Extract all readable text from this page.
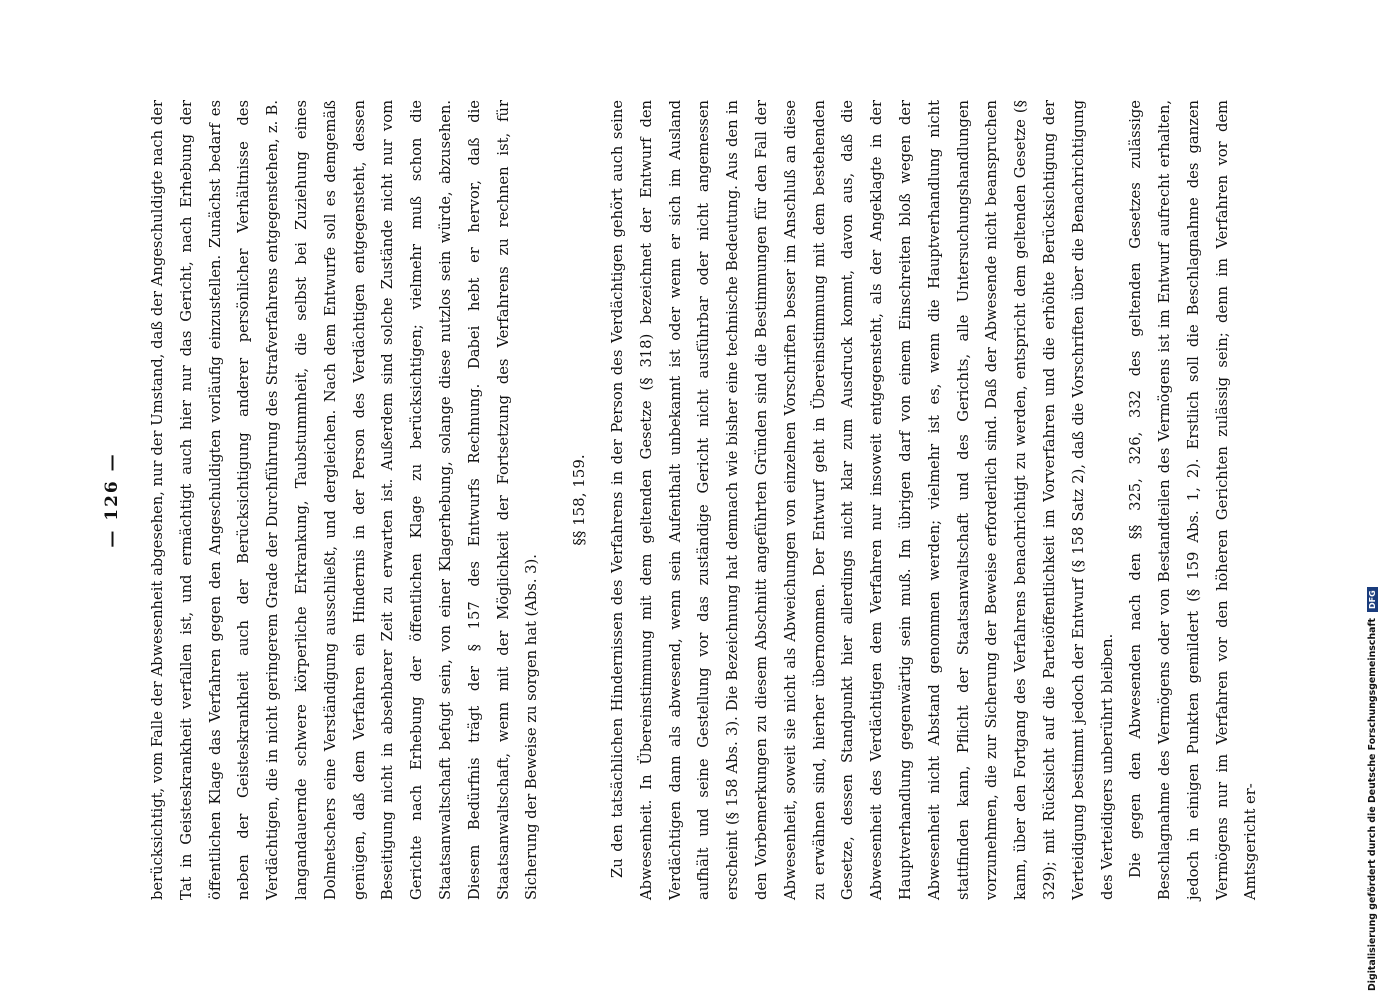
— 126 —	berücksichtigt, vom Falle der Abwesenheit abgesehen, nur der Umstand, daß der Angeschuldigte nach der Tat in Geisteskrankheit verfallen ist, und ermächtigt auch hier nur das Gericht, nach Erhebung der öffentlichen Klage das Verfahren gegen den Angeschuldigten vorläufig einzustellen. Zunächst bedarf es neben der Geisteskrankheit auch der Berücksichtigung anderer persönlicher Verhältnisse des Verdächtigen, die in nicht geringerem Grade der Durchführung des Strafverfahrens entgegenstehen, z. B. langandauernde schwere körperliche Erkrankung, Taubstummheit, die selbst bei Zuziehung eines Dolmetschers eine Verständigung ausschließt, und dergleichen. Nach dem Entwurfe soll es demgemäß genügen, daß dem Verfahren ein Hindernis in der Person des Verdächtigen entgegensteht, dessen Beseitigung nicht in absehbarer Zeit zu erwarten ist. Außerdem sind solche Zustände nicht nur vom Gerichte nach Erhebung der öffentlichen Klage zu berücksichtigen; vielmehr muß schon die Staatsanwaltschaft befugt sein, von einer Klagerhebung, solange diese nutzlos sein würde, abzusehen. Diesem Bedürfnis trägt der § 157 des Entwurfs Rechnung. Dabei hebt er hervor, daß die Staatsanwaltschaft, wenn mit der Möglichkeit der Fortsetzung des Verfahrens zu rechnen ist, für Sicherung der Beweise zu sorgen hat (Abs. 3).

§§ 158, 159.	Zu den tatsächlichen Hindernissen des Verfahrens in der Person des Verdächtigen gehört auch seine Abwesenheit. In Übereinstimmung mit dem geltenden Gesetze (§ 318) bezeichnet der Entwurf den Verdächtigen dann als abwesend, wenn sein Aufenthalt unbekannt ist oder wenn er sich im Ausland aufhält und seine Gestellung vor das zuständige Gericht nicht ausführbar oder nicht angemessen erscheint (§ 158 Abs. 3). Die Bezeichnung hat demnach wie bisher eine technische Bedeutung. Aus den in den Vorbemerkungen zu diesem Abschnitt angeführten Gründen sind die Bestimmungen für den Fall der Abwesenheit, soweit sie nicht als Abweichungen von einzelnen Vorschriften besser im Anschluß an diese zu erwähnen sind, hierher übernommen. Der Entwurf geht in Übereinstimmung mit dem bestehenden Gesetze, dessen Standpunkt hier allerdings nicht klar zum Ausdruck kommt, davon aus, daß die Abwesenheit des Verdächtigen dem Verfahren nur insoweit entgegensteht, als der Angeklagte in der Hauptverhandlung gegenwärtig sein muß. Im übrigen darf von einem Einschreiten bloß wegen der Abwesenheit nicht Abstand genommen werden; vielmehr ist es, wenn die Hauptverhandlung nicht stattfinden kann, Pflicht der Staatsanwaltschaft und des Gerichts, alle Untersuchungshandlungen vorzunehmen, die zur Sicherung der Beweise erforderlich sind. Daß der Abwesende nicht beanspruchen kann, über den Fortgang des Verfahrens benachrichtigt zu werden, entspricht dem geltenden Gesetze (§ 329); mit Rücksicht auf die Parteiöffentlichkeit im Vorverfahren und die erhöhte Berücksichtigung der Verteidigung bestimmt jedoch der Entwurf (§ 158 Satz 2), daß die Vorschriften über die Benachrichtigung des Verteidigers unberührt bleiben. Die gegen den Abwesenden nach den §§ 325, 326, 332 des geltenden Gesetzes zulässige Beschlagnahme des Vermögens oder von Bestandteilen des Vermögens ist im Entwurf aufrecht erhalten, jedoch in einigen Punkten gemildert (§ 159 Abs. 1, 2). Erstlich soll die Beschlagnahme des ganzen Vermögens nur im Verfahren vor den höheren Gerichten zulässig sein; denn im Verfahren vor dem Amtsgericht er-	Digitalisierung gefördert durch die Deutsche Forschungsgemeinschaft
DFG
